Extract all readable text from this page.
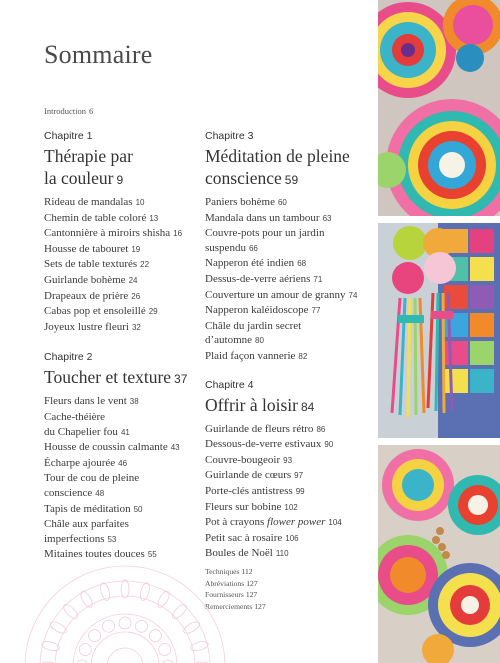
Sommaire
Introduction 6
Chapitre 1
Thérapie par
la couleur 9
Rideau de mandalas 10
Chemin de table coloré 13
Cantonnière à miroirs shisha 16
Housse de tabouret 19
Sets de table texturés 22
Guirlande bohème 24
Drapeaux de prière 26
Cabas pop et ensoleillé 29
Joyeux lustre fleuri 32
Chapitre 2
Toucher et texture 37
Fleurs dans le vent 38
Cache-théière
du Chapelier fou 41
Housse de coussin calmante 43
Écharpe ajourée 46
Tour de cou de pleine
conscience 48
Tapis de méditation 50
Châle aux parfaites
imperfections 53
Mitaines toutes douces 55
Chapitre 3
Méditation de pleine
conscience 59
Paniers bohème 60
Mandala dans un tambour 63
Couvre-pots pour un jardin
suspendu 66
Napperon été indien 68
Dessus-de-verre aériens 71
Couverture un amour de granny 74
Napperon kaléidoscope 77
Châle du jardin secret
d’automne 80
Plaid façon vannerie 82
Chapitre 4
Offrir à loisir 84
Guirlande de fleurs rétro 86
Dessous-de-verre estivaux 90
Couvre-bougeoir 93
Guirlande de cœurs 97
Porte-clés antistress 99
Fleurs sur bobine 102
Pot à crayons flower power 104
Petit sac à rosaire 106
Boules de Noël 110
Techniques 112
Abréviations 127
Fournisseurs 127
Remerciements 127
